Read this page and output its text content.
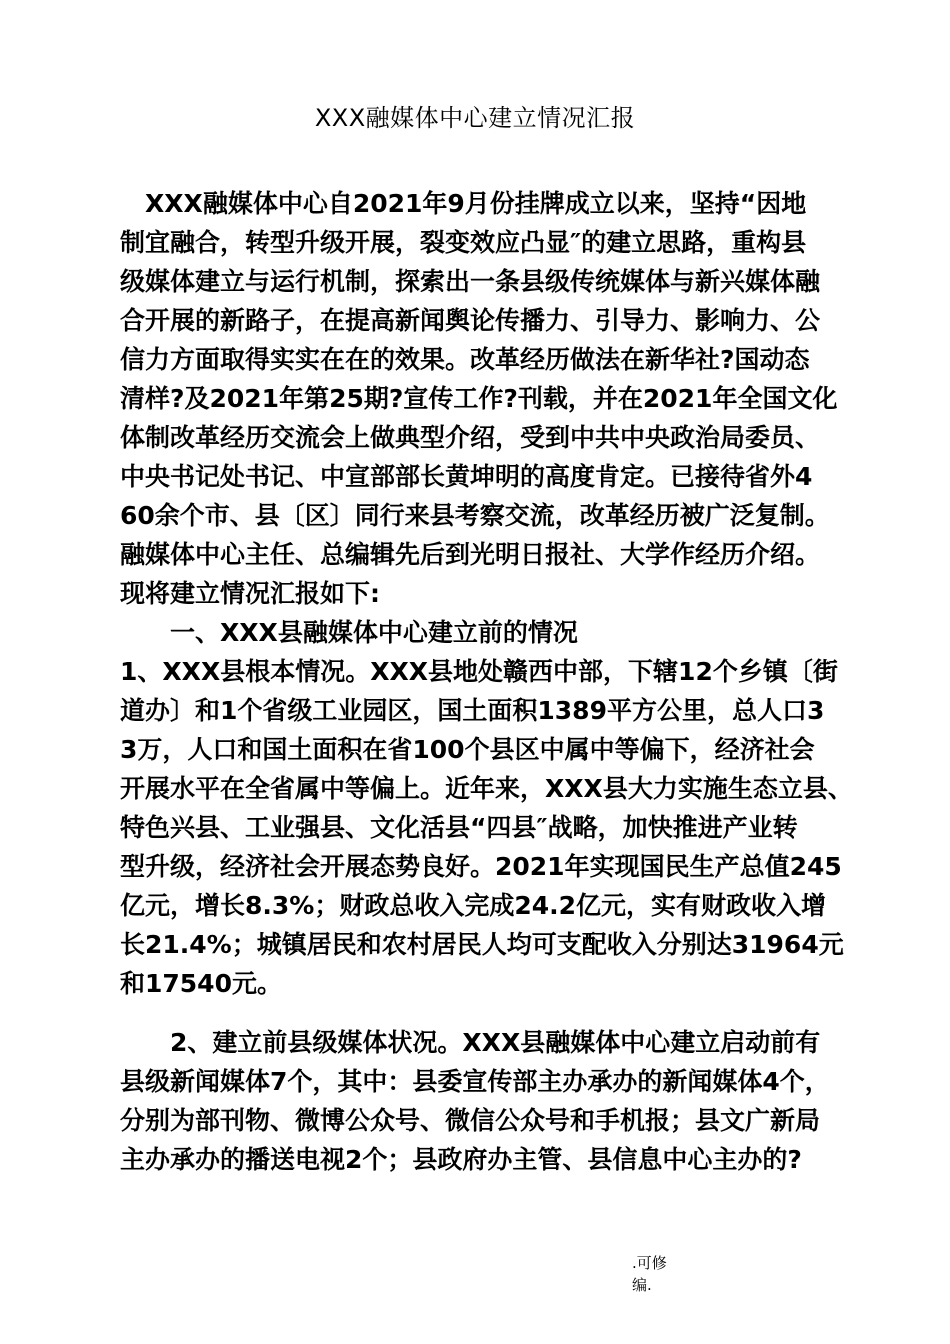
XXX融媒体中心建立情况汇报
　XXX融媒体中心自2021年9月份挂牌成立以来，坚持“因地
制宜融合，转型升级开展，裂变效应凸显″的建立思路，重构县
级媒体建立与运行机制，探索出一条县级传统媒体与新兴媒体融
合开展的新路子，在提高新闻舆论传播力、引导力、影响力、公
信力方面取得实实在在的效果。改革经历做法在新华社?国动态
清样?及2021年第25期?宣传工作?刊载，并在2021年全国文化
体制改革经历交流会上做典型介绍，受到中共中央政治局委员、
中央书记处书记、中宣部部长黄坤明的高度肯定。已接待省外4
60余个市、县〔区〕同行来县考察交流，改革经历被广泛复制。
融媒体中心主任、总编辑先后到光明日报社、大学作经历介绍。
现将建立情况汇报如下:
　　一、XXX县融媒体中心建立前的情况
1、XXX县根本情况。XXX县地处赣西中部，下辖12个乡镇〔街
道办〕和1个省级工业园区，国土面积1389平方公里，总人口3
3万，人口和国土面积在省100个县区中属中等偏下，经济社会
开展水平在全省属中等偏上。近年来，XXX县大力实施生态立县、
特色兴县、工业强县、文化活县“四县″战略，加快推进产业转
型升级，经济社会开展态势良好。2021年实现国民生产总值245
亿元，增长8.3%；财政总收入完成24.2亿元，实有财政收入增
长21.4%；城镇居民和农村居民人均可支配收入分别达31964元
和17540元。
　　2、建立前县级媒体状况。XXX县融媒体中心建立启动前有
县级新闻媒体7个，其中：县委宣传部主办承办的新闻媒体4个，
分别为部刊物、微博公众号、微信公众号和手机报；县文广新局
主办承办的播送电视2个；县政府办主管、县信息中心主办的?
.可修
编.
